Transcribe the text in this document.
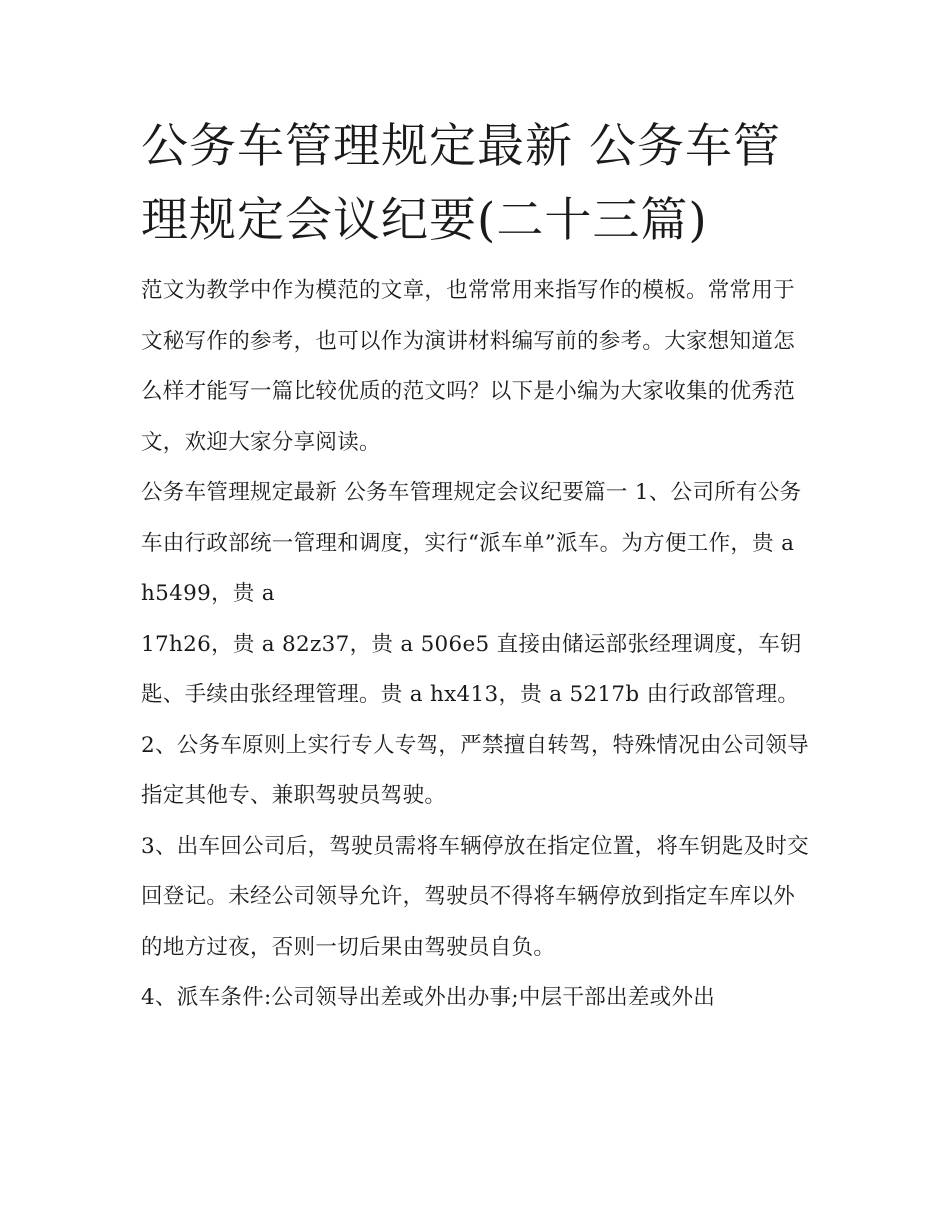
公务车管理规定最新 公务车管理规定会议纪要(二十三篇)

范文为教学中作为模范的文章，也常常用来指写作的模板。常常用于文秘写作的参考，也可以作为演讲材料编写前的参考。大家想知道怎么样才能写一篇比较优质的范文吗？以下是小编为大家收集的优秀范文，欢迎大家分享阅读。

公务车管理规定最新 公务车管理规定会议纪要篇一 1、公司所有公务车由行政部统一管理和调度，实行“派车单”派车。为方便工作，贵 a h5499，贵 a

17h26，贵 a 82z37，贵 a 506e5 直接由储运部张经理调度，车钥匙、手续由张经理管理。贵 a hx413，贵 a 5217b 由行政部管理。

2、公务车原则上实行专人专驾，严禁擅自转驾，特殊情况由公司领导指定其他专、兼职驾驶员驾驶。

3、出车回公司后，驾驶员需将车辆停放在指定位置，将车钥匙及时交回登记。未经公司领导允许，驾驶员不得将车辆停放到指定车库以外的地方过夜，否则一切后果由驾驶员自负。

4、派车条件:公司领导出差或外出办事;中层干部出差或外出
